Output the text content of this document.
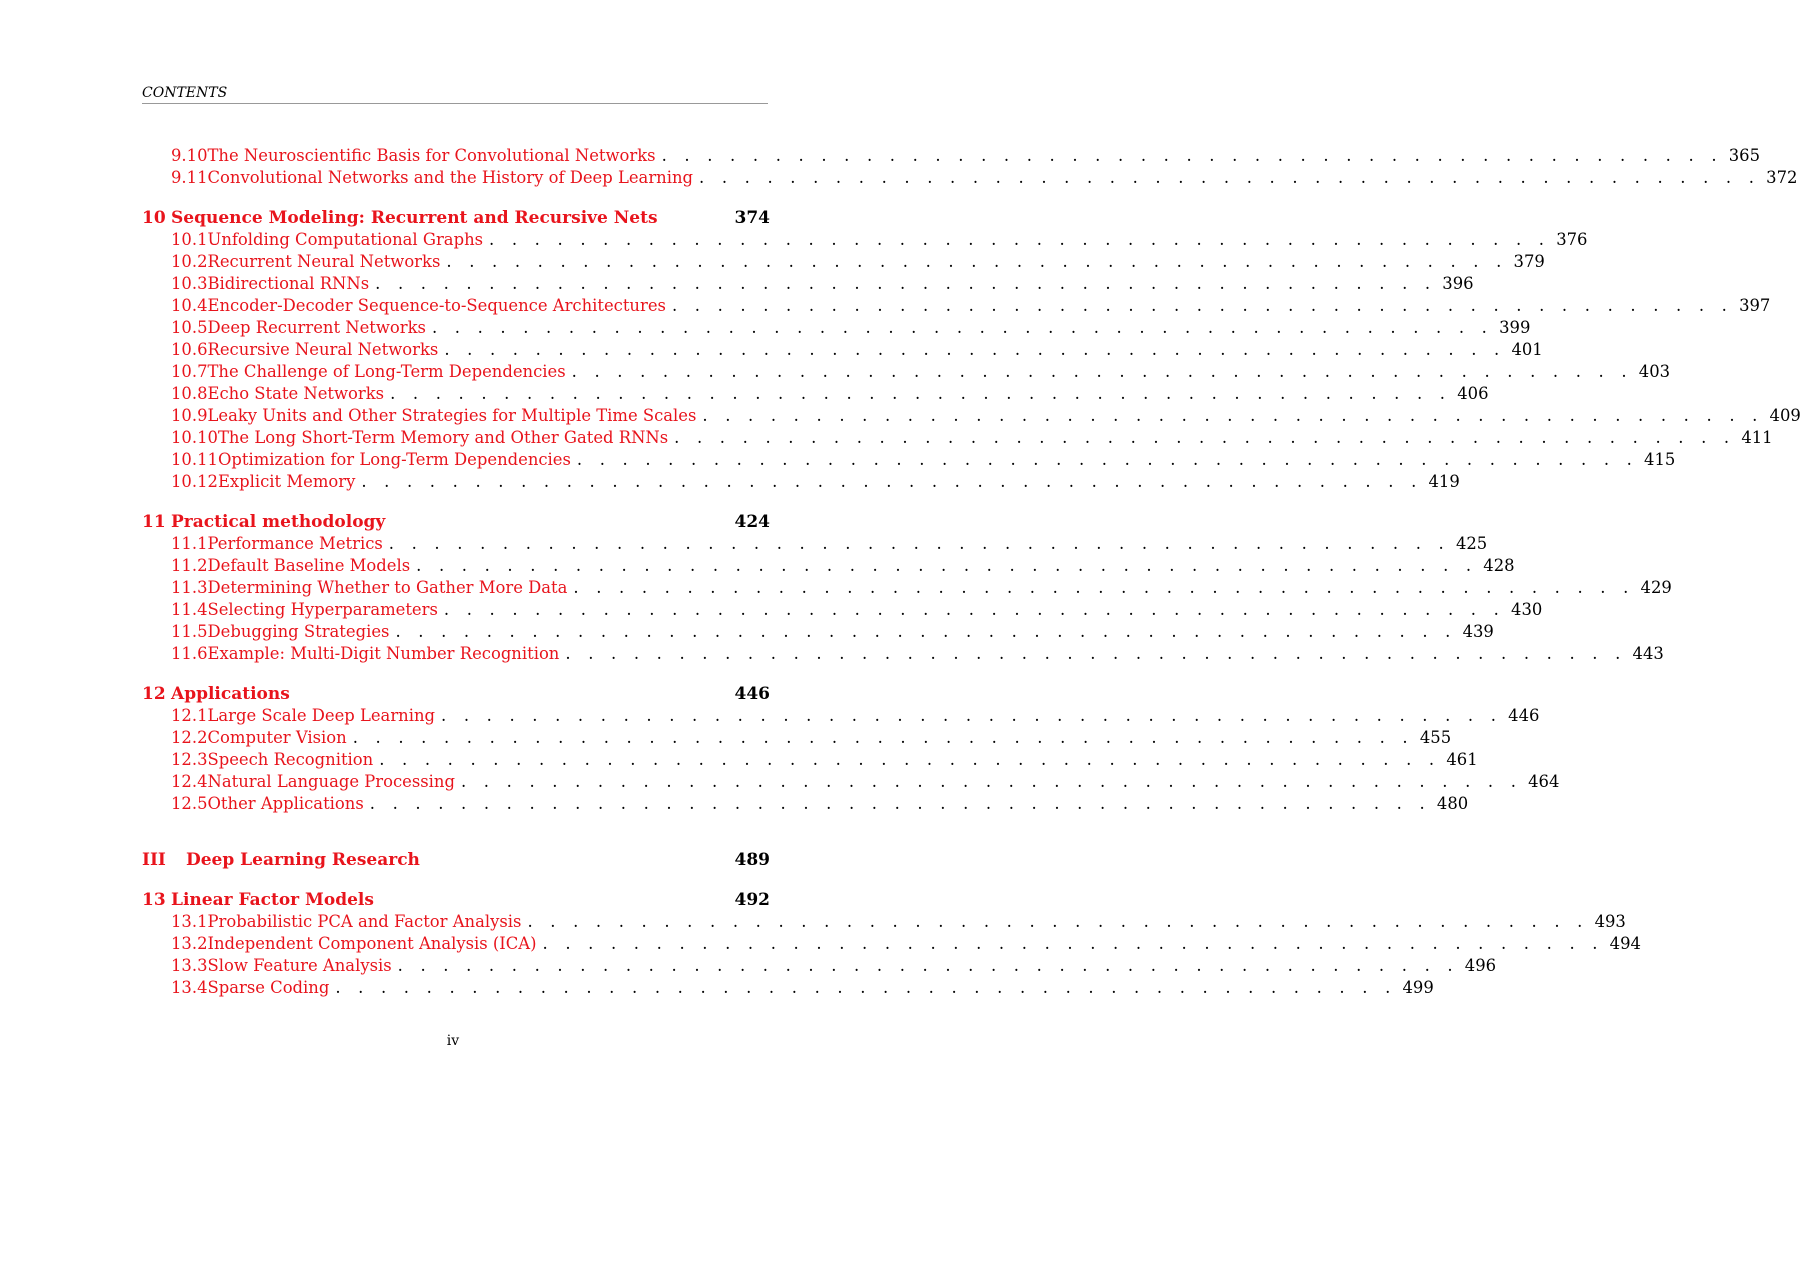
CONTENTS
9.10 The Neuroscientific Basis for Convolutional Networks . . . . . . . . . . . . . . . . . . . . . . . . . . . . . . . . . . . . . . . . . . . . . . . 365
9.11 Convolutional Networks and the History of Deep Learning . . . . . . . . . . . . . . . . . . . . . . . . . . . . . . . . . . . . . . . . . . . . . . . 372
10 Sequence Modeling: Recurrent and Recursive Nets	374
10.1 Unfolding Computational Graphs . . . . . . . . . . . . . . . . . . . . . . . . . . . . . . . . . . . . . . . . . . . . . . . 376
10.2 Recurrent Neural Networks . . . . . . . . . . . . . . . . . . . . . . . . . . . . . . . . . . . . . . . . . . . . . . . 379
10.3 Bidirectional RNNs . . . . . . . . . . . . . . . . . . . . . . . . . . . . . . . . . . . . . . . . . . . . . . . 396
10.4 Encoder-Decoder Sequence-to-Sequence Architectures . . . . . . . . . . . . . . . . . . . . . . . . . . . . . . . . . . . . . . . . . . . . . . . 397
10.5 Deep Recurrent Networks . . . . . . . . . . . . . . . . . . . . . . . . . . . . . . . . . . . . . . . . . . . . . . . 399
10.6 Recursive Neural Networks . . . . . . . . . . . . . . . . . . . . . . . . . . . . . . . . . . . . . . . . . . . . . . . 401
10.7 The Challenge of Long-Term Dependencies . . . . . . . . . . . . . . . . . . . . . . . . . . . . . . . . . . . . . . . . . . . . . . . 403
10.8 Echo State Networks . . . . . . . . . . . . . . . . . . . . . . . . . . . . . . . . . . . . . . . . . . . . . . . 406
10.9 Leaky Units and Other Strategies for Multiple Time Scales . . . . . . . . . . . . . . . . . . . . . . . . . . . . . . . . . . . . . . . . . . . . . . . 409
10.10 The Long Short-Term Memory and Other Gated RNNs . . . . . . . . . . . . . . . . . . . . . . . . . . . . . . . . . . . . . . . . . . . . . . . 411
10.11 Optimization for Long-Term Dependencies . . . . . . . . . . . . . . . . . . . . . . . . . . . . . . . . . . . . . . . . . . . . . . . 415
10.12 Explicit Memory . . . . . . . . . . . . . . . . . . . . . . . . . . . . . . . . . . . . . . . . . . . . . . . 419
11 Practical methodology	424
11.1 Performance Metrics . . . . . . . . . . . . . . . . . . . . . . . . . . . . . . . . . . . . . . . . . . . . . . . 425
11.2 Default Baseline Models . . . . . . . . . . . . . . . . . . . . . . . . . . . . . . . . . . . . . . . . . . . . . . . 428
11.3 Determining Whether to Gather More Data . . . . . . . . . . . . . . . . . . . . . . . . . . . . . . . . . . . . . . . . . . . . . . . 429
11.4 Selecting Hyperparameters . . . . . . . . . . . . . . . . . . . . . . . . . . . . . . . . . . . . . . . . . . . . . . . 430
11.5 Debugging Strategies . . . . . . . . . . . . . . . . . . . . . . . . . . . . . . . . . . . . . . . . . . . . . . . 439
11.6 Example: Multi-Digit Number Recognition . . . . . . . . . . . . . . . . . . . . . . . . . . . . . . . . . . . . . . . . . . . . . . . 443
12 Applications	446
12.1 Large Scale Deep Learning . . . . . . . . . . . . . . . . . . . . . . . . . . . . . . . . . . . . . . . . . . . . . . . 446
12.2 Computer Vision . . . . . . . . . . . . . . . . . . . . . . . . . . . . . . . . . . . . . . . . . . . . . . . 455
12.3 Speech Recognition . . . . . . . . . . . . . . . . . . . . . . . . . . . . . . . . . . . . . . . . . . . . . . . 461
12.4 Natural Language Processing . . . . . . . . . . . . . . . . . . . . . . . . . . . . . . . . . . . . . . . . . . . . . . . 464
12.5 Other Applications . . . . . . . . . . . . . . . . . . . . . . . . . . . . . . . . . . . . . . . . . . . . . . . 480
III	Deep Learning Research	489
13 Linear Factor Models	492
13.1 Probabilistic PCA and Factor Analysis . . . . . . . . . . . . . . . . . . . . . . . . . . . . . . . . . . . . . . . . . . . . . . . 493
13.2 Independent Component Analysis (ICA) . . . . . . . . . . . . . . . . . . . . . . . . . . . . . . . . . . . . . . . . . . . . . . . 494
13.3 Slow Feature Analysis . . . . . . . . . . . . . . . . . . . . . . . . . . . . . . . . . . . . . . . . . . . . . . . 496
13.4 Sparse Coding . . . . . . . . . . . . . . . . . . . . . . . . . . . . . . . . . . . . . . . . . . . . . . . 499
iv
